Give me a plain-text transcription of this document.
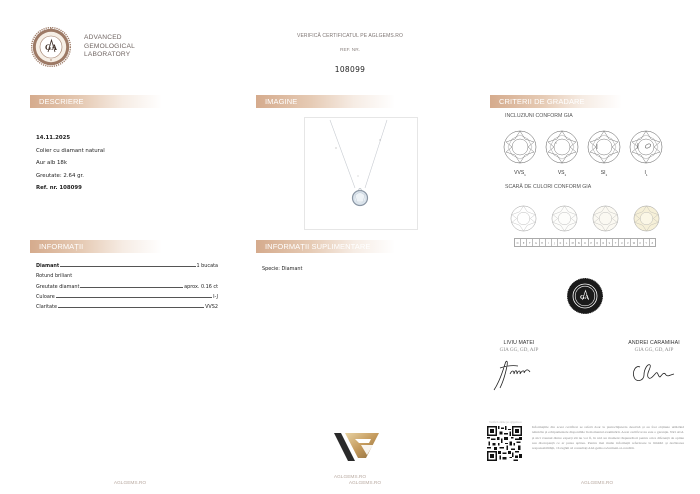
GA
ADVANCED
GEMOLOGICAL
LABORATORY
VERIFICĂ CERTIFICATUL PE AGLGEMS.RO
REF. NR.
108099
DESCRIERE	IMAGINE	CRITERII DE GRADARE
INFORMAȚII	INFORMAȚII SUPLIMENTARE
14.11.2025
Colier cu diamant natural
Aur alb 18k
Greutate: 2.64 gr.
Ref. nr. 108099
Diamant	1 bucata
Rotund briliant
Greutate diamant	aprox. 0.16 ct
Culoare	I-J
Claritate	VVS2
Specie: Diamant
INCLUZIUNI CONFORM GIA
$VVS_1$	$VS_1$	$SI_1$	$I_1$
SCARĂ DE CULORI CONFORM GIA
D	E	F	G	H	I	J	K	L	M	N	O	P	Q	R	S	T	U	V	W	X	Y	Z
GA
LIVIU MATEI
GIA GG, GD, AJP
ANDREI CARAMIHAI
GIA GG, GD, AJP
Verifică online pe aglgems.ro
Informațiile din acest certificat se referă doar la piatra/bijuteria descrisă și au fost obținute utilizând tehnicile și echipamentele disponibile în momentul examinării. Acest certificat nu este o garanție. Nici AGL și nici vreunul dintre experți săi nu vor fi, în nici un moment răspunzători pentru orice diferență de opinie sau discrepanță ce ar putea apărea. Pentru mai multe informații referitoare la limitări și declinarea responsabilității, vă rugăm să consultați AGLgems.ro/termeni-si-conditii.
AGLGEMS.RO
AGLGEMS.RO	AGLGEMS.RO	AGLGEMS.RO
